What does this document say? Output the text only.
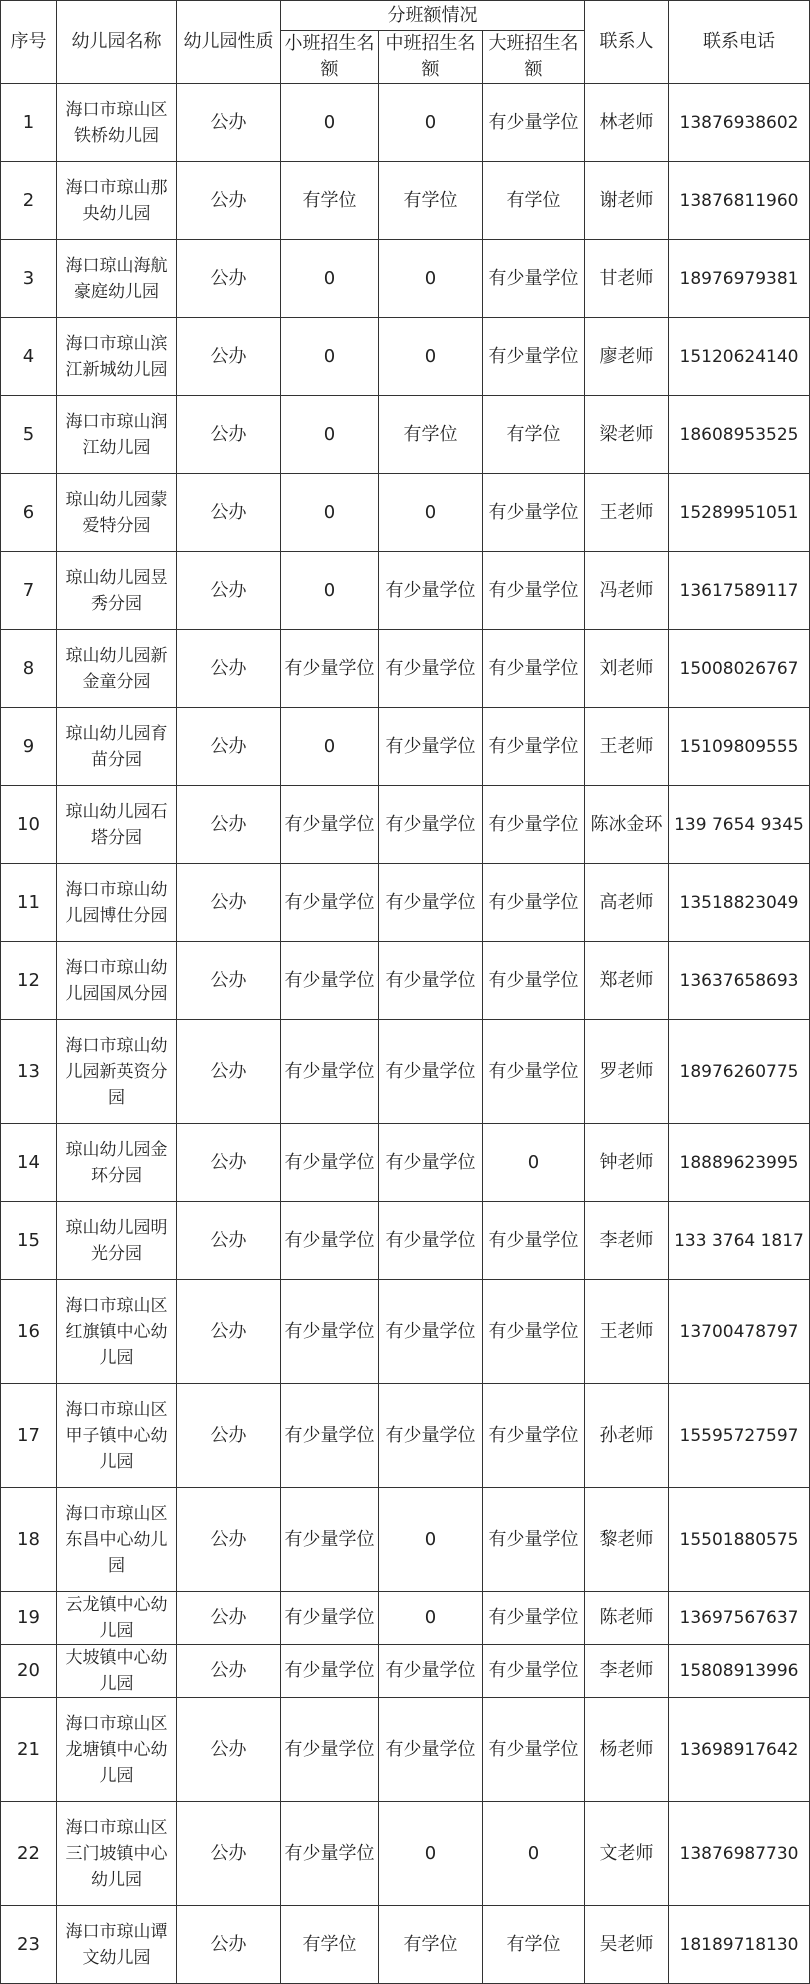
序号	幼儿园名称	幼儿园性质	分班额情况			联系人	联系电话
			小班招生名额	中班招生名额	大班招生名额		
1	海口市琼山区铁桥幼儿园	公办	0	0	有少量学位	林老师	13876938602
2	海口市琼山那央幼儿园	公办	有学位	有学位	有学位	谢老师	13876811960
3	海口琼山海航豪庭幼儿园	公办	0	0	有少量学位	甘老师	18976979381
4	海口市琼山滨江新城幼儿园	公办	0	0	有少量学位	廖老师	15120624140
5	海口市琼山润江幼儿园	公办	0	有学位	有学位	梁老师	18608953525
6	琼山幼儿园蒙爱特分园	公办	0	0	有少量学位	王老师	15289951051
7	琼山幼儿园昱秀分园	公办	0	有少量学位	有少量学位	冯老师	13617589117
8	琼山幼儿园新金童分园	公办	有少量学位	有少量学位	有少量学位	刘老师	15008026767
9	琼山幼儿园育苗分园	公办	0	有少量学位	有少量学位	王老师	15109809555
10	琼山幼儿园石塔分园	公办	有少量学位	有少量学位	有少量学位	陈冰金环	139 7654 9345
11	海口市琼山幼儿园博仕分园	公办	有少量学位	有少量学位	有少量学位	高老师	13518823049
12	海口市琼山幼儿园国凤分园	公办	有少量学位	有少量学位	有少量学位	郑老师	13637658693
13	海口市琼山幼儿园新英资分园	公办	有少量学位	有少量学位	有少量学位	罗老师	18976260775
14	琼山幼儿园金环分园	公办	有少量学位	有少量学位	0	钟老师	18889623995
15	琼山幼儿园明光分园	公办	有少量学位	有少量学位	有少量学位	李老师	133 3764 1817
16	海口市琼山区红旗镇中心幼儿园	公办	有少量学位	有少量学位	有少量学位	王老师	13700478797
17	海口市琼山区甲子镇中心幼儿园	公办	有少量学位	有少量学位	有少量学位	孙老师	15595727597
18	海口市琼山区东昌中心幼儿园	公办	有少量学位	0	有少量学位	黎老师	15501880575
19	云龙镇中心幼儿园	公办	有少量学位	0	有少量学位	陈老师	13697567637
20	大坡镇中心幼儿园	公办	有少量学位	有少量学位	有少量学位	李老师	15808913996
21	海口市琼山区龙塘镇中心幼儿园	公办	有少量学位	有少量学位	有少量学位	杨老师	13698917642
22	海口市琼山区三门坡镇中心幼儿园	公办	有少量学位	0	0	文老师	13876987730
23	海口市琼山谭文幼儿园	公办	有学位	有学位	有学位	吴老师	18189718130
